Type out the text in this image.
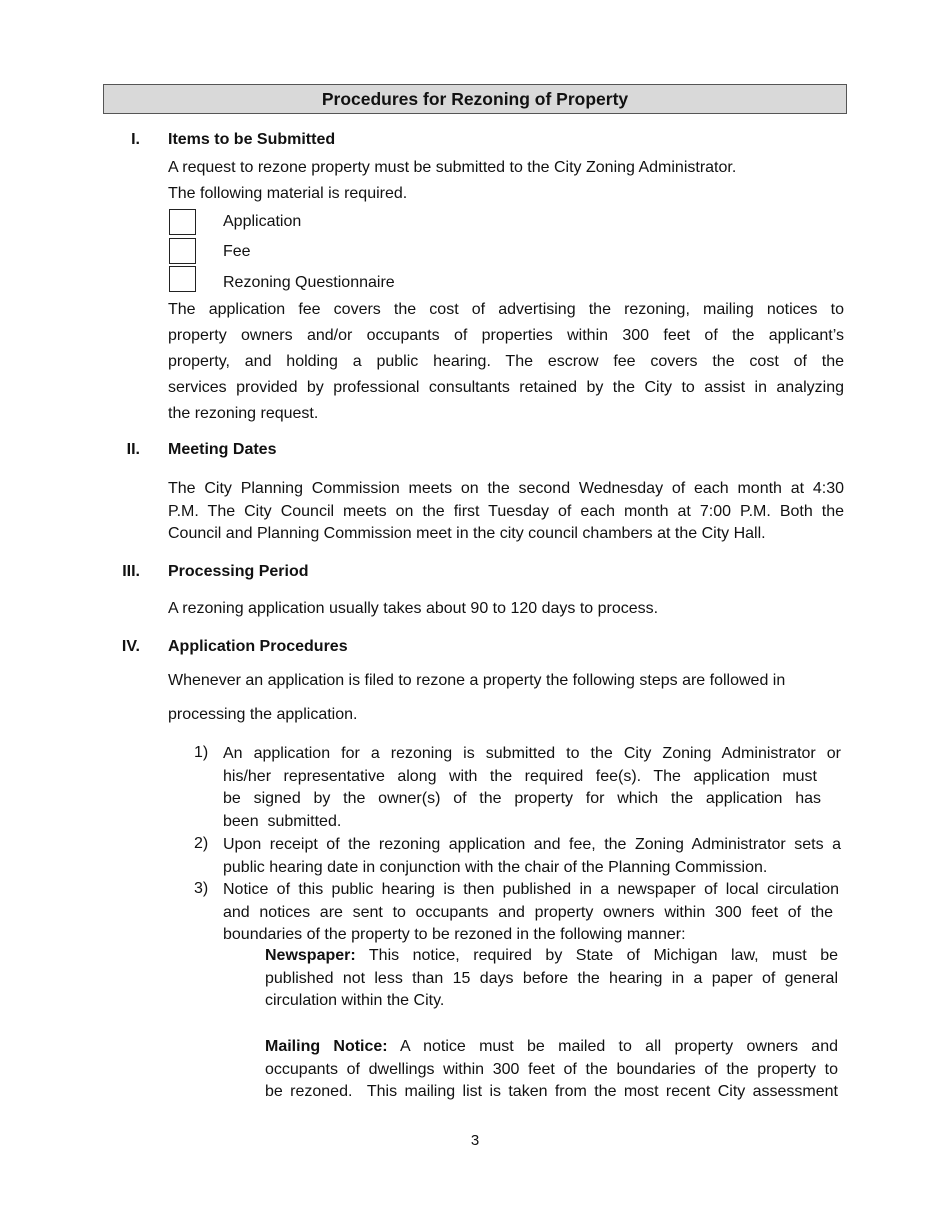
Procedures for Rezoning of Property
I. Items to be Submitted
A request to rezone property must be submitted to the City Zoning Administrator.
The following material is required.
Application
Fee
Rezoning Questionnaire
The application fee covers the cost of advertising the rezoning, mailing notices to
property owners and/or occupants of properties within 300 feet of the applicant’s
property, and holding a public hearing. The escrow fee covers the cost of the
services provided by professional consultants retained by the City to assist in analyzing
the rezoning request.
II. Meeting Dates
The City Planning Commission meets on the second Wednesday of each month at 4:30
P.M. The City Council meets on the first Tuesday of each month at 7:00 P.M. Both the
Council and Planning Commission meet in the city council chambers at the City Hall.
III. Processing Period
A rezoning application usually takes about 90 to 120 days to process.
IV. Application Procedures
Whenever an application is filed to rezone a property the following steps are followed in
processing the application.
1) An application for a rezoning is submitted to the City Zoning Administrator or
his/her representative along with the required fee(s). The application must
be signed by the owner(s) of the property for which the application has
been  submitted.
2) Upon receipt of the rezoning application and fee, the Zoning Administrator sets a
public hearing date in conjunction with the chair of the Planning Commission.
3) Notice of this public hearing is then published in a newspaper of local circulation
and notices are sent to occupants and property owners within 300 feet of the
boundaries of the property to be rezoned in the following manner:
Newspaper: This notice, required by State of Michigan law, must be
published not less than 15 days before the hearing in a paper of general
circulation within the City.
Mailing Notice: A notice must be mailed to all property owners and
occupants of dwellings within 300 feet of the boundaries of the property to
be rezoned.  This mailing list is taken from the most recent City assessment
3
